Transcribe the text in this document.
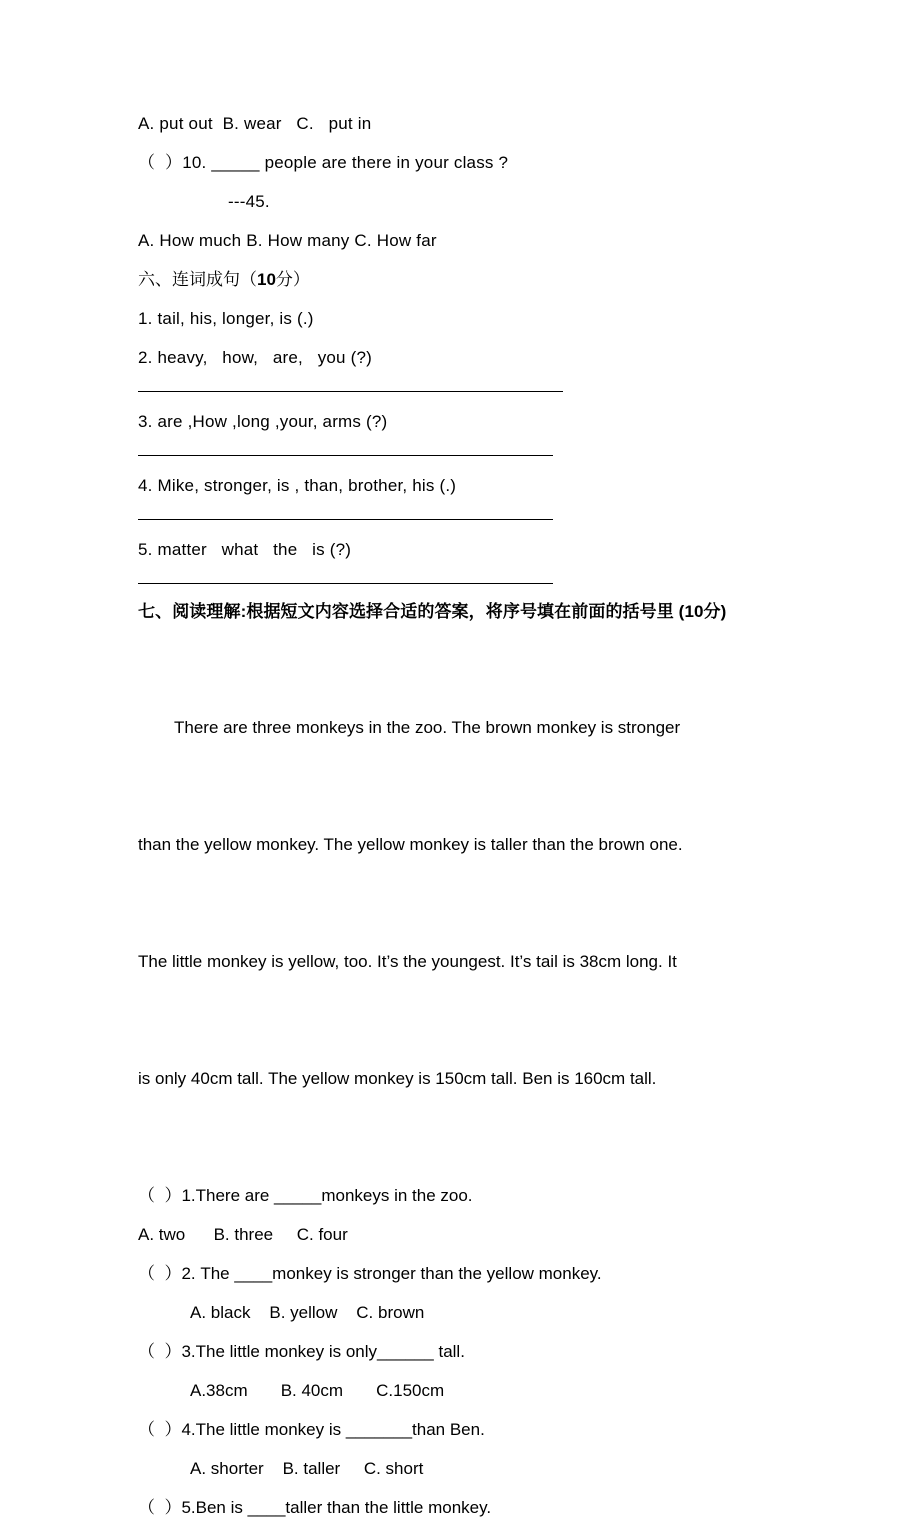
A. put out  B. wear   C.   put in
（  ）10. _____ people are there in your class ?
---45.
A. How much B. How many C. How far
六、连词成句（10分）
1. tail, his, longer, is (.)
2. heavy,   how,   are,   you (?)
3. are ,How ,long ,your, arms (?)
4. Mike, stronger, is , than, brother, his (.)
5. matter   what   the   is (?)
七、阅读理解:根据短文内容选择合适的答案，将序号填在前面的括号里 (10分)

There are three monkeys in the zoo. The brown monkey is stronger

than the yellow monkey. The yellow monkey is taller than the brown one.

The little monkey is yellow, too. It’s the youngest. It’s tail is 38cm long. It

is only 40cm tall. The yellow monkey is 150cm tall. Ben is 160cm tall.

（  ）1.There are _____monkeys in the zoo.
A. two      B. three     C. four
（  ）2. The ____monkey is stronger than the yellow monkey.
A. black    B. yellow    C. brown
（  ）3.The little monkey is only______ tall.
A.38cm       B. 40cm       C.150cm
（  ）4.The little monkey is _______than Ben.
A. shorter    B. taller     C. short
（  ）5.Ben is ____taller than the little monkey.
